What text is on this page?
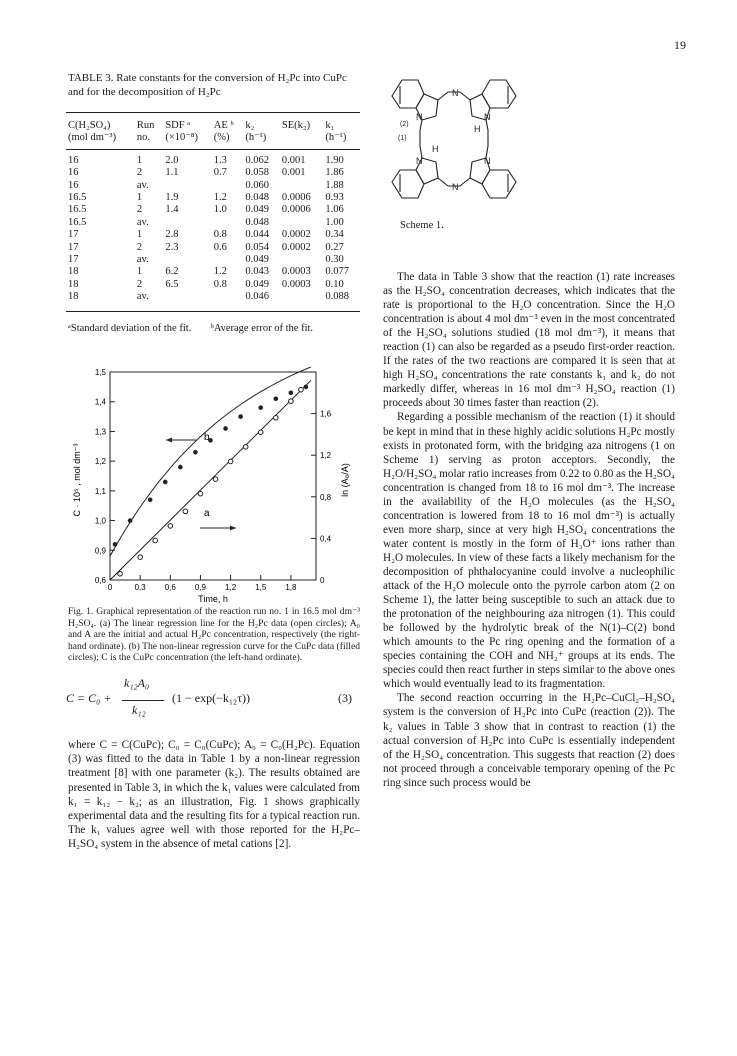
19
TABLE 3. Rate constants for the conversion of H₂Pc into CuPc and for the decomposition of H₂Pc
C(H₂SO₄)	Run	SDF ᵃ	AE ᵇ	k₂	SE(k₂)	k₁
(mol dm⁻³)	no.	(×10⁻⁸)	(%)	(h⁻¹)		(h⁻¹)
16	1	2.0	1.3	0.062	0.001	1.90
16	2	1.1	0.7	0.058	0.001	1.86
16	av.			0.060		1.88
16.5	1	1.9	1.2	0.048	0.0006	0.93
16.5	2	1.4	1.0	0.049	0.0006	1.06
16.5	av.			0.048		1.00
17	1	2.8	0.8	0.044	0.0002	0.34
17	2	2.3	0.6	0.054	0.0002	0.27
17	av.			0.049		0.30
18	1	6.2	1.2	0.043	0.0003	0.077
18	2	6.5	0.8	0.049	0.0003	0.10
18	av.			0.046		0.088
ᵃStandard deviation of the fit. ᵇAverage error of the fit.
0,6
0,9
1,0
1,1
1,2
1,3
1,4
1,5
0
0,4
0,8
1,2
1,6
0	0,3 0,6 0,9 1,2 1,5 1,8
Time, h
C · 10⁵ , mol dm⁻³	ln (A₀/A)
b
a
Fig. 1. Graphical representation of the reaction run no. 1 in 16.5 mol dm⁻³ H₂SO₄. (a) The linear regression line for the H₂Pc data (open circles); A₀ and A are the initial and actual H₂Pc concentration, respectively (the right-hand ordinate). (b) The non-linear regression curve for the CuPc data (filled circles); C is the CuPc concentration (the left-hand ordinate).
C = C₀ +
k₁₂A₀
k₁₂
(1 − exp(−k₁₂τ))	(3)
where C = C(CuPc); C₀ = C₀(CuPc); A₀ = C₀(H₂Pc). Equation (3) was fitted to the data in Table 1 by a non-linear regression treatment [8] with one parameter (k₂). The results obtained are presented in Table 3, in which the k₁ values were calculated from k₁ = k₁₂ − k₂; as an illustration, Fig. 1 shows graphically experimental data and the resulting fits for a typical reaction run. The k₁ values agree well with those reported for the H₂Pc–H₂SO₄ system in the absence of metal cations [2].
N
N	N
N	N
N
H
H
(2)
(1)
Scheme 1.

The data in Table 3 show that the reaction (1) rate increases as the H₂SO₄ concentration decreases, which indicates that the rate is proportional to the H₂O concentration. Since the H₂O concentration is about 4 mol dm⁻³ even in the most concentrated of the H₂SO₄ solutions studied (18 mol dm⁻³), it means that reaction (1) can also be regarded as a pseudo first-order reaction. If the rates of the two reactions are compared it is seen that at high H₂SO₄ concentrations the rate constants k₁ and k₂ do not markedly differ, whereas in 16 mol dm⁻³ H₂SO₄ reaction (1) proceeds about 30 times faster than reaction (2).

Regarding a possible mechanism of the reaction (1) it should be kept in mind that in these highly acidic solutions H₂Pc mostly exists in protonated form, with the bridging aza nitrogens (1 on Scheme 1) serving as proton acceptors. Secondly, the H₂O/H₂SO₄ molar ratio increases from 0.22 to 0.80 as the H₂SO₄ concentration is changed from 18 to 16 mol dm⁻³. The increase in the availability of the H₂O molecules (as the H₂SO₄ concentration is lowered from 18 to 16 mol dm⁻³) is actually even more sharp, since at very high H₂SO₄ concentrations the water content is mostly in the form of H₃O⁺ ions rather than H₂O molecules. In view of these facts a likely mechanism for the decomposition of phthalocyanine could involve a nucleophilic attack of the H₂O molecule onto the pyrrole carbon atom (2 on Scheme 1), the latter being susceptible to such an attack due to the protonation of the neighbouring aza nitrogen (1). This could be followed by the hydrolytic break of the N(1)–C(2) bond which amounts to the Pc ring opening and the formation of a species containing the COH and NH₂⁺ groups at its ends. The species could then react further in steps similar to the above ones which would eventually lead to its fragmentation.

The second reaction occurring in the H₂Pc–CuCl₂–H₂SO₄ system is the conversion of H₂Pc into CuPc (reaction (2)). The k₂ values in Table 3 show that in contrast to reaction (1) the actual conversion of H₂Pc into CuPc is essentially independent of the H₂SO₄ concentration. This suggests that reaction (2) does not proceed through a conceivable temporary opening of the Pc ring since such process would be
